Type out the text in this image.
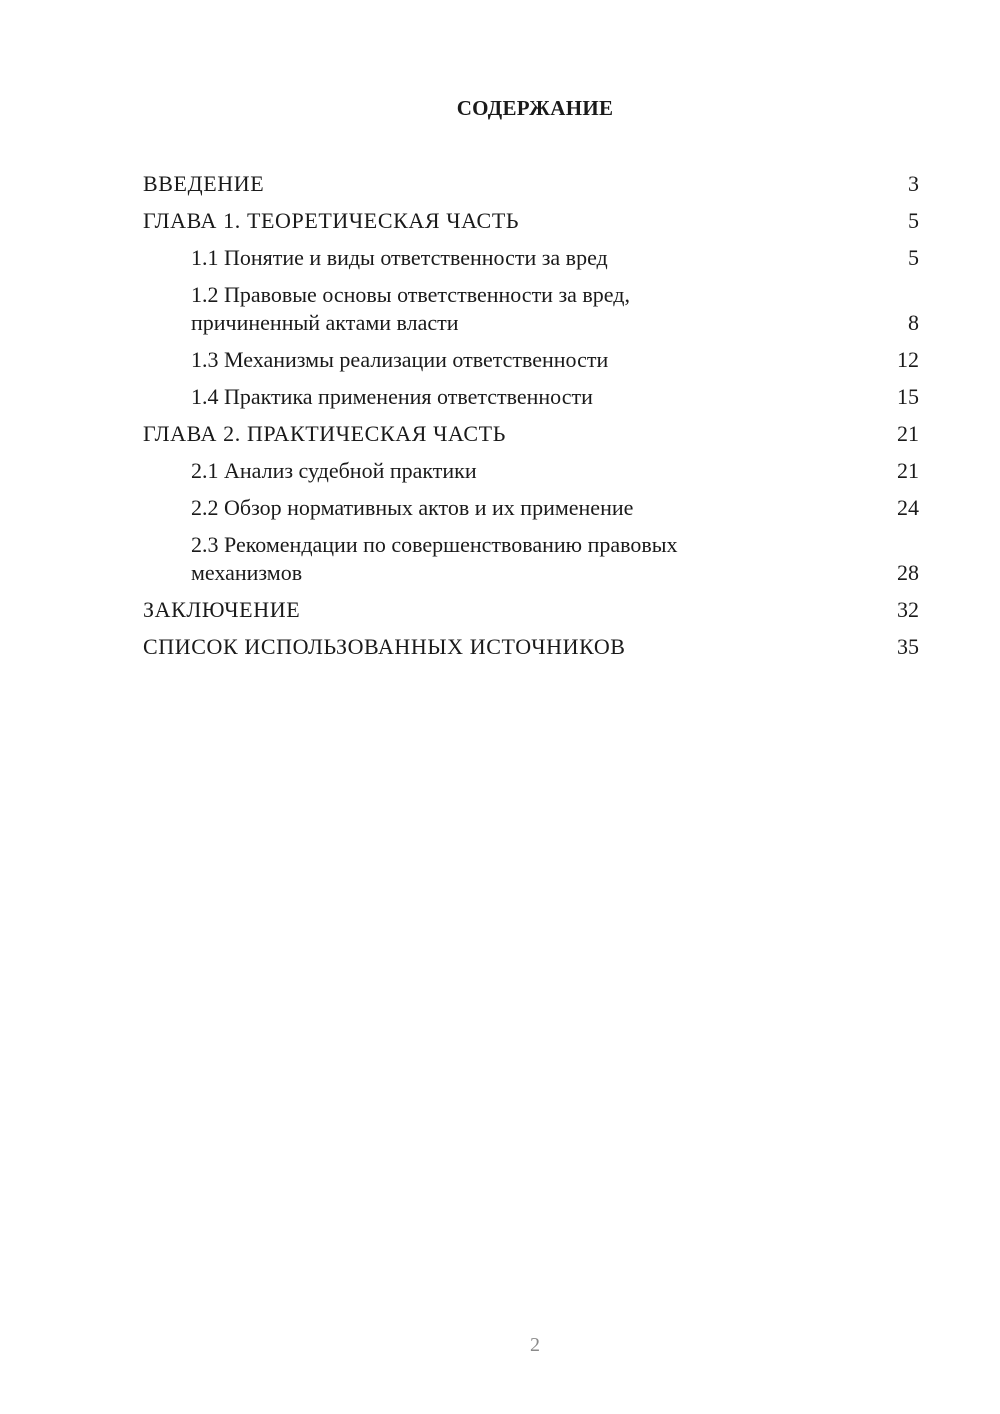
СОДЕРЖАНИЕ
ВВЕДЕНИЕ	3
ГЛАВА 1. ТЕОРЕТИЧЕСКАЯ ЧАСТЬ	5
1.1 Понятие и виды ответственности за вред	5
1.2 Правовые основы ответственности за вред,
причиненный актами власти	8
1.3 Механизмы реализации ответственности	12
1.4 Практика применения ответственности	15
ГЛАВА 2. ПРАКТИЧЕСКАЯ ЧАСТЬ	21
2.1 Анализ судебной практики	21
2.2 Обзор нормативных актов и их применение	24
2.3 Рекомендации по совершенствованию правовых
механизмов	28
ЗАКЛЮЧЕНИЕ	32
СПИСОК ИСПОЛЬЗОВАННЫХ ИСТОЧНИКОВ	35
2
